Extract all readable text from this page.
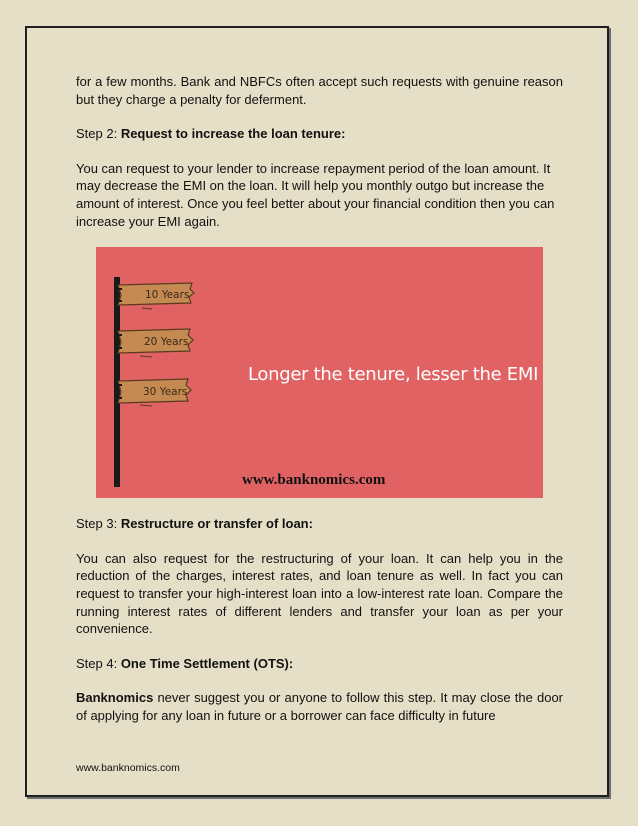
for a few months. Bank and NBFCs often accept such requests with genuine reason but they charge a penalty for deferment.

Step 2: Request to increase the loan tenure:

You can request to your lender to increase repayment period of the loan amount. It may decrease the EMI on the loan. It will help you monthly outgo but increase the amount of interest. Once you feel better about your financial condition then you can increase your EMI again.

10 Years
20 Years
30 Years
Longer the tenure, lesser the EMI
www.banknomics.com

Step 3: Restructure or transfer of loan:

You can also request for the restructuring of your loan. It can help you in the reduction of the charges, interest rates, and loan tenure as well. In fact you can request to transfer your high-interest loan into a low-interest rate loan. Compare the running interest rates of different lenders and transfer your loan as per your convenience.

Step 4: One Time Settlement (OTS):

Banknomics never suggest you or anyone to follow this step. It may close the door of applying for any loan in future or a borrower can face difficulty in future

www.banknomics.com
